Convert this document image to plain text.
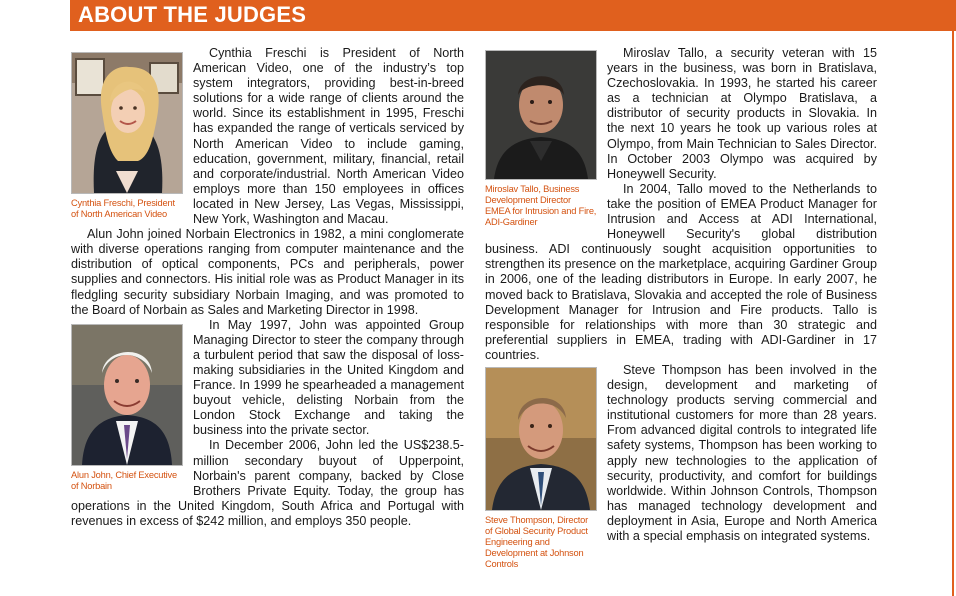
ABOUT THE JUDGES
Cynthia Freschi, President of North American Video

Cynthia Freschi is President of North American Video, one of the industry’s top system integrators, providing best-in-breed solutions for a wide range of clients around the world. Since its establishment in 1995, Freschi has expanded the range of verticals serviced by North American Video to include gaming, education, government, military, financial, retail and corporate/industrial. North American Video employs more than 150 employees in offices located in New Jersey, Las Vegas, Mississippi, New York, Washington and Macau.

Alun John joined Norbain Electronics in 1982, a mini conglomerate with diverse operations ranging from computer maintenance and the distribution of optical components, PCs and peripherals, power supplies and connectors. His initial role was as Product Manager in its fledgling security subsidiary Norbain Imaging, and was promoted to the Board of Norbain as Sales and Marketing Director in 1998.

Alun John, Chief Executive of Norbain

In May 1997, John was appointed Group Managing Director to steer the company through a turbulent period that saw the disposal of loss-making subsidiaries in the United Kingdom and France. In 1999 he spearheaded a management buyout vehicle, delisting Norbain from the London Stock Exchange and taking the business into the private sector.

In December 2006, John led the US$238.5-million secondary buyout of Upperpoint, Norbain's parent company, backed by Close Brothers Private Equity. Today, the group has operations in the United Kingdom, South Africa and Portugal with revenues in excess of $242 million, and employs 350 people.

Miroslav Tallo, Business Development Director EMEA for Intrusion and Fire, ADI-Gardiner

Miroslav Tallo, a security veteran with 15 years in the business, was born in Bratislava, Czechoslovakia. In 1993, he started his career as a technician at Olympo Bratislava, a distributor of security products in Slovakia. In the next 10 years he took up various roles at Olympo, from Main Technician to Sales Director. In October 2003 Olympo was acquired by Honeywell Security.

In 2004, Tallo moved to the Netherlands to take the position of EMEA Product Manager for Intrusion and Access at ADI International, Honeywell Security's global distribution business. ADI continuously sought acquisition opportunities to strengthen its presence on the marketplace, acquiring Gardiner Group in 2006, one of the leading distributors in Europe. In early 2007, he moved back to Bratislava, Slovakia and accepted the role of Business Development Manager for Intrusion and Fire products. Tallo is responsible for relationships with more than 30 strategic and preferential suppliers in EMEA, trading with ADI-Gardiner in 17 countries.

Steve Thompson, Director of Global Security Product Engineering and Development at Johnson Controls

Steve Thompson has been involved in the design, development and marketing of technology products serving commercial and institutional customers for more than 28 years. From advanced digital controls to integrated life safety systems, Thompson has been working to apply new technologies to the application of security, productivity, and comfort for buildings worldwide. Within Johnson Controls, Thompson has managed technology development and deployment in Asia, Europe and North America with a special emphasis on integrated systems.
